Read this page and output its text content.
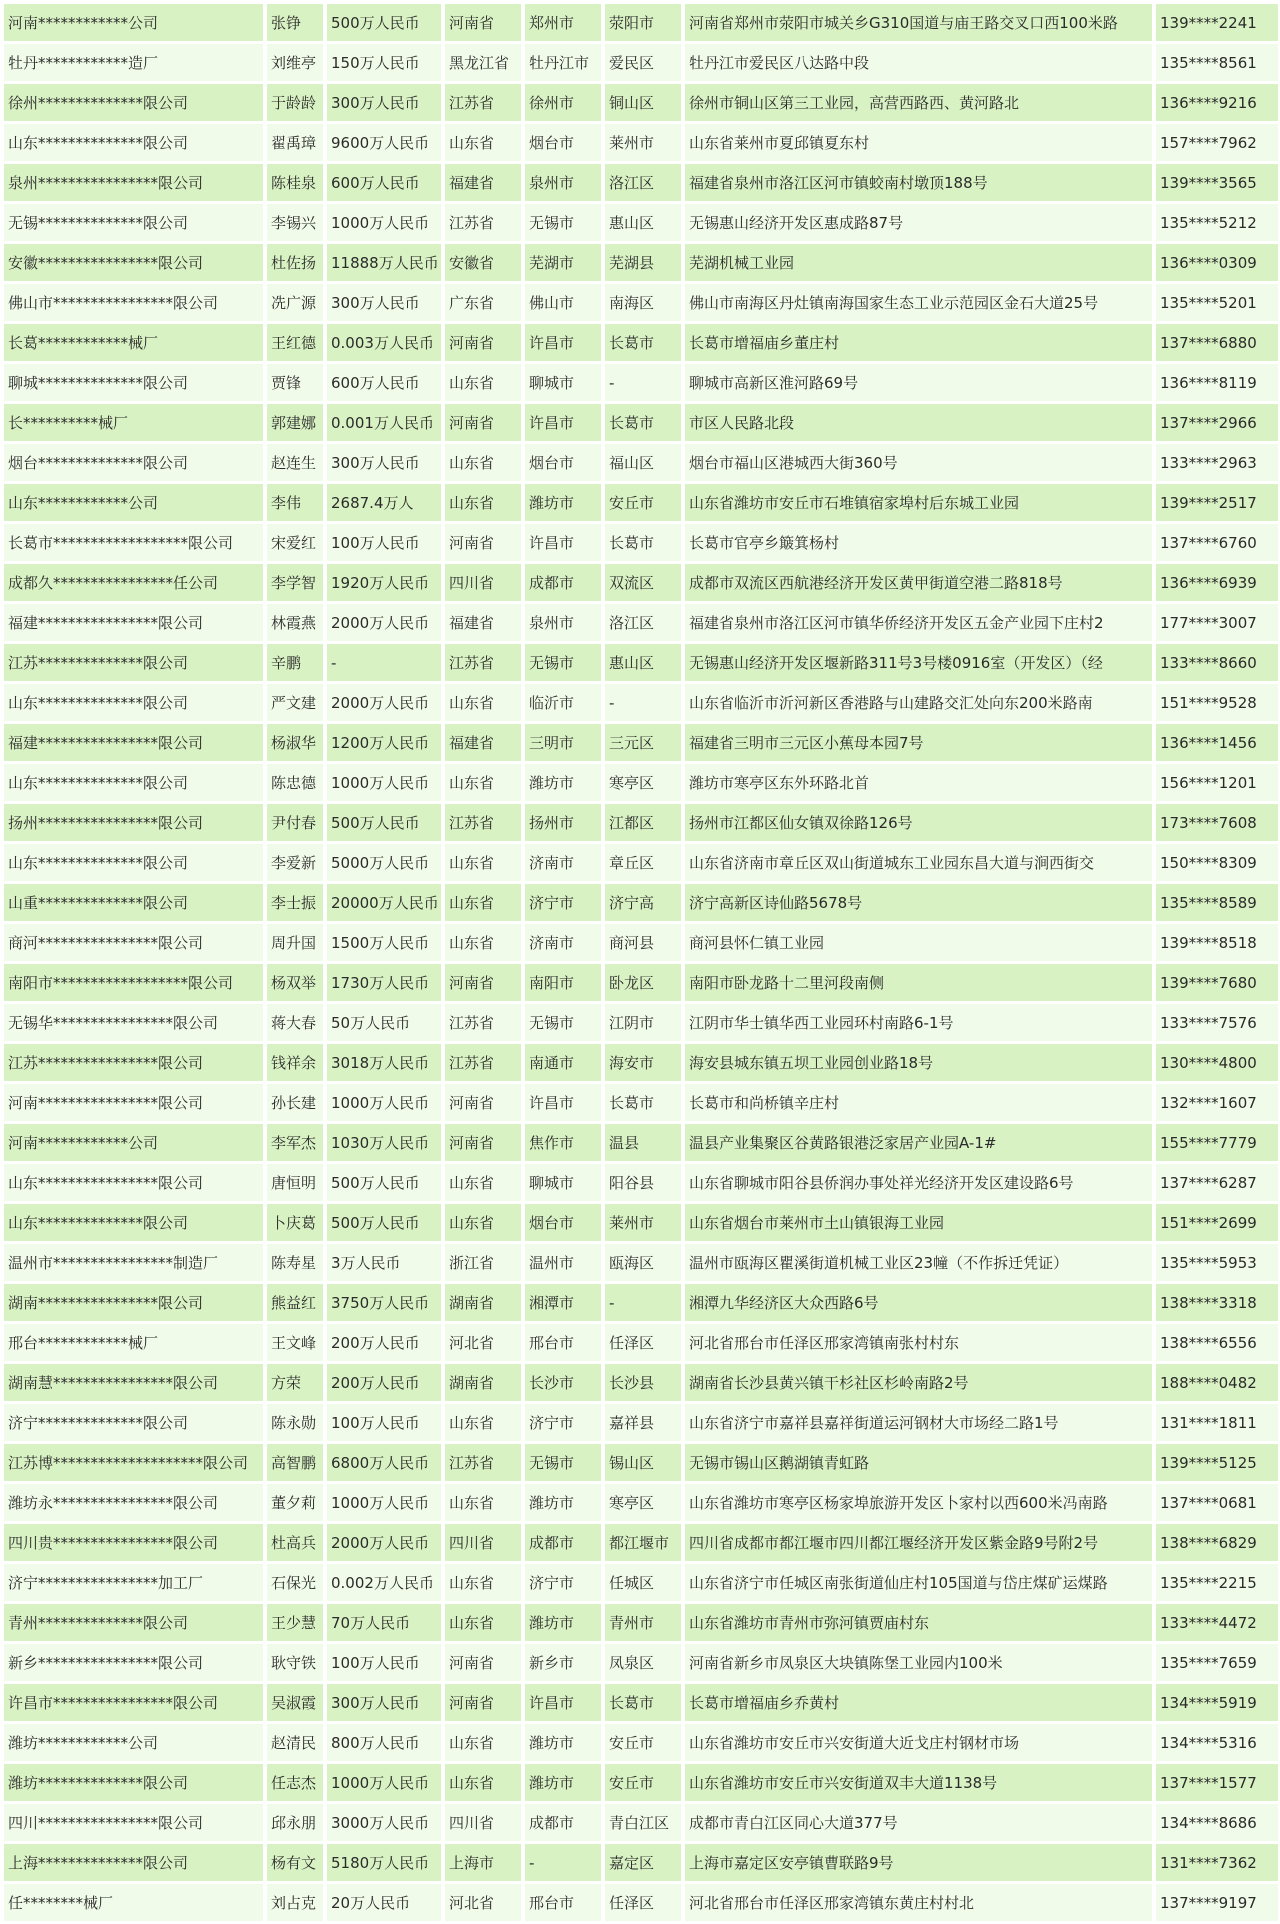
河南************公司	张铮	500万人民币	河南省	郑州市	荥阳市	河南省郑州市荥阳市城关乡G310国道与庙王路交叉口西100米路	139****2241
牡丹************造厂	刘维亭	150万人民币	黑龙江省	牡丹江市	爱民区	牡丹江市爱民区八达路中段	135****8561
徐州**************限公司	于龄龄	300万人民币	江苏省	徐州市	铜山区	徐州市铜山区第三工业园，高营西路西、黄河路北	136****9216
山东**************限公司	翟禹璋	9600万人民币	山东省	烟台市	莱州市	山东省莱州市夏邱镇夏东村	157****7962
泉州****************限公司	陈桂泉	600万人民币	福建省	泉州市	洛江区	福建省泉州市洛江区河市镇蛟南村墩顶188号	139****3565
无锡**************限公司	李锡兴	1000万人民币	江苏省	无锡市	惠山区	无锡惠山经济开发区惠成路87号	135****5212
安徽****************限公司	杜佐扬	11888万人民币	安徽省	芜湖市	芜湖县	芜湖机械工业园	136****0309
佛山市****************限公司	冼广源	300万人民币	广东省	佛山市	南海区	佛山市南海区丹灶镇南海国家生态工业示范园区金石大道25号	135****5201
长葛************械厂	王红德	0.003万人民币	河南省	许昌市	长葛市	长葛市增福庙乡董庄村	137****6880
聊城**************限公司	贾锋	600万人民币	山东省	聊城市	-	聊城市高新区淮河路69号	136****8119
长**********械厂	郭建娜	0.001万人民币	河南省	许昌市	长葛市	市区人民路北段	137****2966
烟台**************限公司	赵连生	300万人民币	山东省	烟台市	福山区	烟台市福山区港城西大街360号	133****2963
山东************公司	李伟	2687.4万人	山东省	潍坊市	安丘市	山东省潍坊市安丘市石堆镇宿家埠村后东城工业园	139****2517
长葛市******************限公司	宋爱红	100万人民币	河南省	许昌市	长葛市	长葛市官亭乡簸箕杨村	137****6760
成都久****************任公司	李学智	1920万人民币	四川省	成都市	双流区	成都市双流区西航港经济开发区黄甲街道空港二路818号	136****6939
福建****************限公司	林霞燕	2000万人民币	福建省	泉州市	洛江区	福建省泉州市洛江区河市镇华侨经济开发区五金产业园下庄村2	177****3007
江苏**************限公司	辛鹏	-	江苏省	无锡市	惠山区	无锡惠山经济开发区堰新路311号3号楼0916室（开发区）（经	133****8660
山东**************限公司	严文建	2000万人民币	山东省	临沂市	-	山东省临沂市沂河新区香港路与山建路交汇处向东200米路南	151****9528
福建****************限公司	杨淑华	1200万人民币	福建省	三明市	三元区	福建省三明市三元区小蕉母本园7号	136****1456
山东**************限公司	陈忠德	1000万人民币	山东省	潍坊市	寒亭区	潍坊市寒亭区东外环路北首	156****1201
扬州****************限公司	尹付春	500万人民币	江苏省	扬州市	江都区	扬州市江都区仙女镇双徐路126号	173****7608
山东**************限公司	李爱新	5000万人民币	山东省	济南市	章丘区	山东省济南市章丘区双山街道城东工业园东昌大道与涧西街交	150****8309
山重**************限公司	李士振	20000万人民币	山东省	济宁市	济宁高	济宁高新区诗仙路5678号	135****8589
商河****************限公司	周升国	1500万人民币	山东省	济南市	商河县	商河县怀仁镇工业园	139****8518
南阳市******************限公司	杨双举	1730万人民币	河南省	南阳市	卧龙区	南阳市卧龙路十二里河段南侧	139****7680
无锡华****************限公司	蒋大春	50万人民币	江苏省	无锡市	江阴市	江阴市华士镇华西工业园环村南路6-1号	133****7576
江苏****************限公司	钱祥余	3018万人民币	江苏省	南通市	海安市	海安县城东镇五坝工业园创业路18号	130****4800
河南****************限公司	孙长建	1000万人民币	河南省	许昌市	长葛市	长葛市和尚桥镇辛庄村	132****1607
河南************公司	李军杰	1030万人民币	河南省	焦作市	温县	温县产业集聚区谷黄路银港泛家居产业园A-1#	155****7779
山东****************限公司	唐恒明	500万人民币	山东省	聊城市	阳谷县	山东省聊城市阳谷县侨润办事处祥光经济开发区建设路6号	137****6287
山东**************限公司	卜庆葛	500万人民币	山东省	烟台市	莱州市	山东省烟台市莱州市土山镇银海工业园	151****2699
温州市****************制造厂	陈寿星	3万人民币	浙江省	温州市	瓯海区	温州市瓯海区瞿溪街道机械工业区23幢（不作拆迁凭证）	135****5953
湖南****************限公司	熊益红	3750万人民币	湖南省	湘潭市	-	湘潭九华经济区大众西路6号	138****3318
邢台************械厂	王文峰	200万人民币	河北省	邢台市	任泽区	河北省邢台市任泽区邢家湾镇南张村村东	138****6556
湖南慧****************限公司	方荣	200万人民币	湖南省	长沙市	长沙县	湖南省长沙县黄兴镇干杉社区杉岭南路2号	188****0482
济宁**************限公司	陈永勋	100万人民币	山东省	济宁市	嘉祥县	山东省济宁市嘉祥县嘉祥街道运河钢材大市场经二路1号	131****1811
江苏博********************限公司	高智鹏	6800万人民币	江苏省	无锡市	锡山区	无锡市锡山区鹅湖镇青虹路	139****5125
潍坊永****************限公司	董夕莉	1000万人民币	山东省	潍坊市	寒亭区	山东省潍坊市寒亭区杨家埠旅游开发区卜家村以西600米冯南路	137****0681
四川贵****************限公司	杜高兵	2000万人民币	四川省	成都市	都江堰市	四川省成都市都江堰市四川都江堰经济开发区紫金路9号附2号	138****6829
济宁****************加工厂	石保光	0.002万人民币	山东省	济宁市	任城区	山东省济宁市任城区南张街道仙庄村105国道与岱庄煤矿运煤路	135****2215
青州**************限公司	王少慧	70万人民币	山东省	潍坊市	青州市	山东省潍坊市青州市弥河镇贾庙村东	133****4472
新乡****************限公司	耿守铁	100万人民币	河南省	新乡市	凤泉区	河南省新乡市凤泉区大块镇陈堡工业园内100米	135****7659
许昌市****************限公司	吴淑霞	300万人民币	河南省	许昌市	长葛市	长葛市增福庙乡乔黄村	134****5919
潍坊************公司	赵清民	800万人民币	山东省	潍坊市	安丘市	山东省潍坊市安丘市兴安街道大近戈庄村钢材市场	134****5316
潍坊**************限公司	任志杰	1000万人民币	山东省	潍坊市	安丘市	山东省潍坊市安丘市兴安街道双丰大道1138号	137****1577
四川****************限公司	邱永朋	3000万人民币	四川省	成都市	青白江区	成都市青白江区同心大道377号	134****8686
上海**************限公司	杨有文	5180万人民币	上海市	-	嘉定区	上海市嘉定区安亭镇曹联路9号	131****7362
任********械厂	刘占克	20万人民币	河北省	邢台市	任泽区	河北省邢台市任泽区邢家湾镇东黄庄村村北	137****9197
